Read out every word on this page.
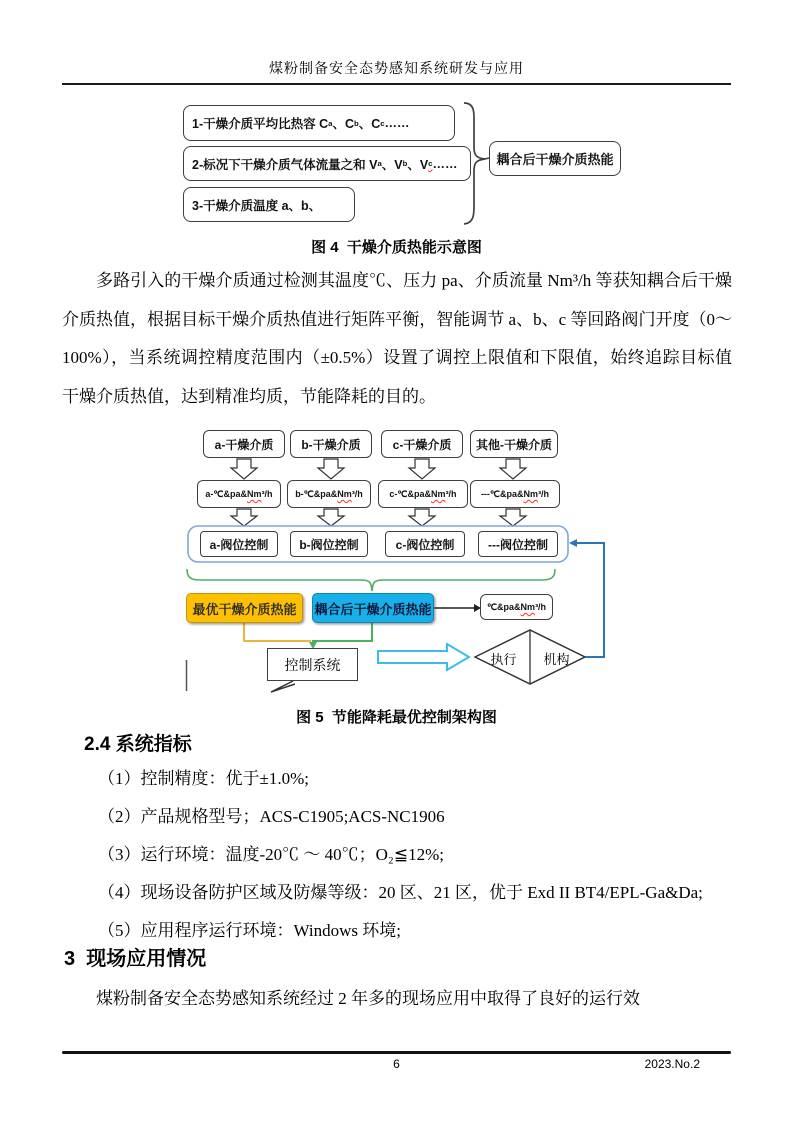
煤粉制备安全态势感知系统研发与应用
1-干燥介质平均比热容 C a 、C b 、C c ……
2-标况下干燥介质气体流量之和 V a 、V b 、V c ……
3-干燥介质温度 a、b、
耦合后干燥介质热能
图 4  干燥介质热能示意图
多路引入的干燥介质通过检测其温度℃、压力 pa、介质流量 Nm³/h 等获知耦合后干燥介质热值，根据目标干燥介质热值进行矩阵平衡，智能调节 a、b、c 等回路阀门开度（0～100%），当系统调控精度范围内（±0.5%）设置了调控上限值和下限值，始终追踪目标值干燥介质热值，达到精准均质，节能降耗的目的。
a-干燥介质	b-干燥介质	c-干燥介质	其他-干燥介质
a-℃&pa& Nm ³/h	b-℃&pa& Nm ³/h	c-℃&pa& Nm ³/h	---℃&pa& Nm ³/h
a-阀位控制	b-阀位控制	c-阀位控制	---阀位控制
最优干燥介质热能	耦合后干燥介质热能	℃&pa& Nm ³/h
控制系统	执行 机构
图 5  节能降耗最优控制架构图
2.4 系统指标
（1）控制精度：优于±1.0%;
（2）产品规格型号；ACS-C1905;ACS-NC1906
（3）运行环境：温度-20℃ ～ 40℃；O₂≦12%;
（4）现场设备防护区域及防爆等级：20 区、21 区，优于 Exd II BT4/EPL-Ga&Da;
（5）应用程序运行环境：Windows 环境;
3  现场应用情况
煤粉制备安全态势感知系统经过 2 年多的现场应用中取得了良好的运行效
6	2023.No.2
